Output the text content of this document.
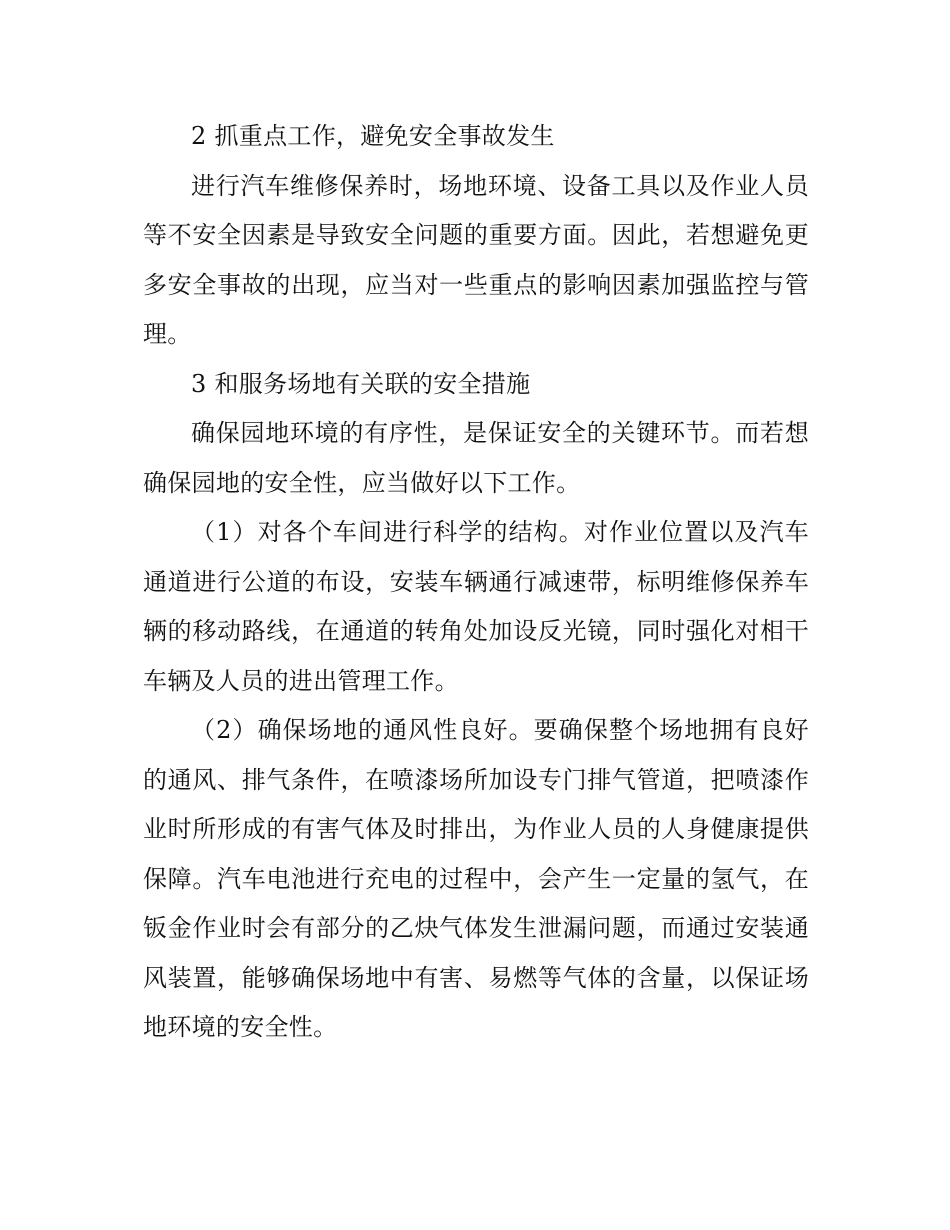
2 抓重点工作，避免安全事故发生

进行汽车维修保养时，场地环境、设备工具以及作业人员等不安全因素是导致安全问题的重要方面。因此，若想避免更多安全事故的出现，应当对一些重点的影响因素加强监控与管理。

3 和服务场地有关联的安全措施

确保园地环境的有序性，是保证安全的关键环节。而若想确保园地的安全性，应当做好以下工作。

（1）对各个车间进行科学的结构。对作业位置以及汽车通道进行公道的布设，安装车辆通行减速带，标明维修保养车辆的移动路线，在通道的转角处加设反光镜，同时强化对相干车辆及人员的进出管理工作。

（2）确保场地的通风性良好。要确保整个场地拥有良好的通风、排气条件，在喷漆场所加设专门排气管道，把喷漆作业时所形成的有害气体及时排出，为作业人员的人身健康提供保障。汽车电池进行充电的过程中，会产生一定量的氢气，在钣金作业时会有部分的乙炔气体发生泄漏问题，而通过安装通风装置，能够确保场地中有害、易燃等气体的含量，以保证场地环境的安全性。
